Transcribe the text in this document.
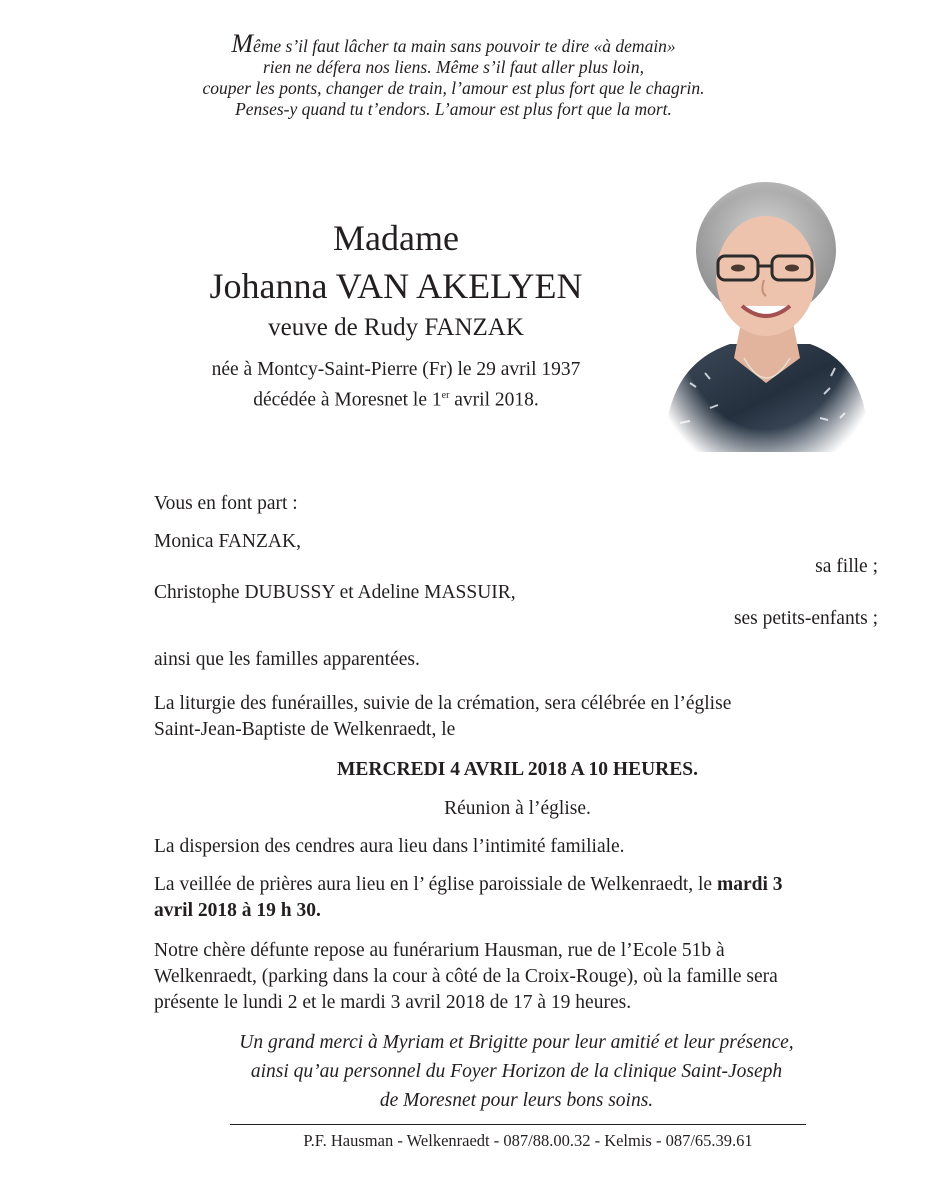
Même s’il faut lâcher ta main sans pouvoir te dire «à demain»
rien ne défera nos liens. Même s’il faut aller plus loin,
couper les ponts, changer de train, l’amour est plus fort que le chagrin.
Penses-y quand tu t’endors. L’amour est plus fort que la mort.
Madame
Johanna VAN AKELYEN
veuve de Rudy FANZAK
née à Montcy-Saint-Pierre (Fr) le 29 avril 1937
décédée à Moresnet le 1er avril 2018.
Vous en font part :
Monica FANZAK,
sa fille ;
Christophe DUBUSSY et Adeline MASSUIR,
ses petits-enfants ;
ainsi que les familles apparentées.
La liturgie des funérailles, suivie de la crémation, sera célébrée en l’église
Saint-Jean-Baptiste de Welkenraedt, le
MERCREDI 4 AVRIL 2018 A 10 HEURES.
Réunion à l’église.
La dispersion des cendres aura lieu dans l’intimité familiale.
La veillée de prières aura lieu en l’ église paroissiale de Welkenraedt, le mardi 3
avril 2018 à 19 h 30.
Notre chère défunte repose au funérarium Hausman, rue de l’Ecole 51b à
Welkenraedt, (parking dans la cour à côté de la Croix-Rouge), où la famille sera
présente le lundi 2 et le mardi 3 avril 2018 de 17 à 19 heures.
Un grand merci à Myriam et Brigitte pour leur amitié et leur présence,
ainsi qu’au personnel du Foyer Horizon de la clinique Saint-Joseph
de Moresnet pour leurs bons soins.
P.F. Hausman - Welkenraedt - 087/88.00.32 - Kelmis - 087/65.39.61
